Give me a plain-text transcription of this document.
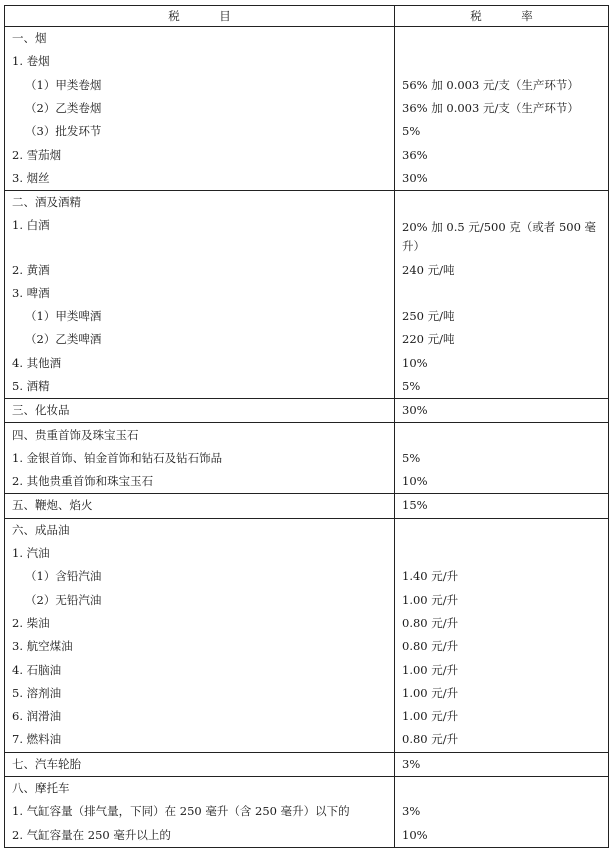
税　目	税　率
一、烟	
1. 卷烟	
（1）甲类卷烟	56% 加 0.003 元/支（生产环节）
（2）乙类卷烟	36% 加 0.003 元/支（生产环节）
（3）批发环节	5%
2. 雪茄烟	36%
3. 烟丝	30%
二、酒及酒精	
1. 白酒	20% 加 0.5 元/500 克（或者 500 毫升）
2. 黄酒	240 元/吨
3. 啤酒	
（1）甲类啤酒	250 元/吨
（2）乙类啤酒	220 元/吨
4. 其他酒	10%
5. 酒精	5%
三、化妆品	30%
四、贵重首饰及珠宝玉石	
1. 金银首饰、铂金首饰和钻石及钻石饰品	5%
2. 其他贵重首饰和珠宝玉石	10%
五、鞭炮、焰火	15%
六、成品油	
1. 汽油	
（1）含铅汽油	1.40 元/升
（2）无铅汽油	1.00 元/升
2. 柴油	0.80 元/升
3. 航空煤油	0.80 元/升
4. 石脑油	1.00 元/升
5. 溶剂油	1.00 元/升
6. 润滑油	1.00 元/升
7. 燃料油	0.80 元/升
七、汽车轮胎	3%
八、摩托车	
1. 气缸容量（排气量，下同）在 250 毫升（含 250 毫升）以下的	3%
2. 气缸容量在 250 毫升以上的	10%
